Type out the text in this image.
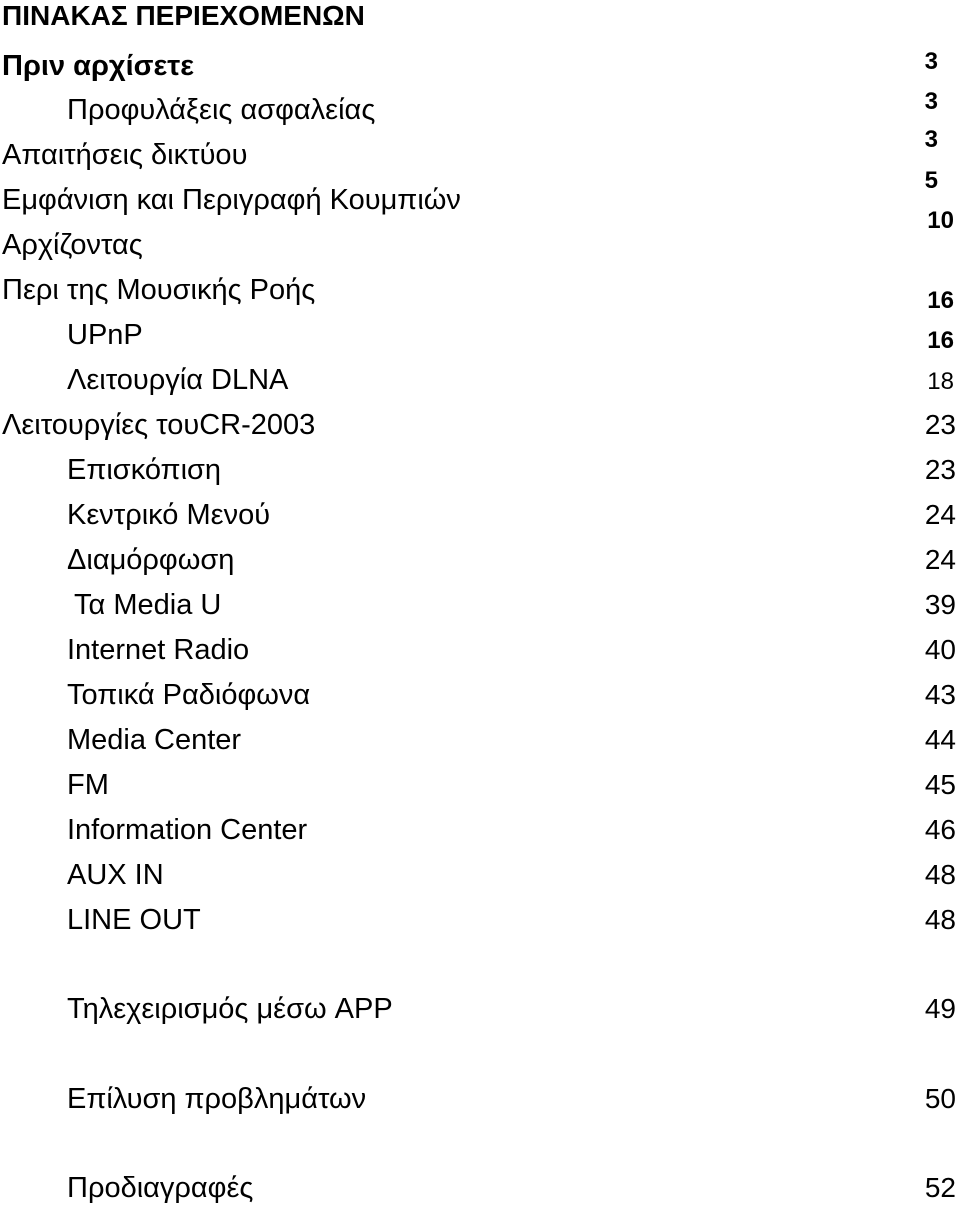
ΠΙΝΑΚΑΣ ΠΕΡΙΕΧΟΜΕΝΩΝ
Πριν αρχίσετε
Προφυλάξεις ασφαλείας
Απαιτήσεις δικτύου
Εμφάνιση και Περιγραφή Κουμπιών
Αρχίζοντας
Περι της Μουσικής Ροής
UPnP
Λειτουργία DLNA
Λειτουργίες τουCR-2003
Επισκόπιση
Κεντρικό Μενού
Διαμόρφωση
Τα Media U
Internet Radio
Τοπικά Ραδιόφωνα
Media Center
FM
Information Center
AUX IN
LINE OUT
Τηλεχειρισμός μέσω APP
Επίλυση προβλημάτων
Προδιαγραφές
3
3
3
5
10
16
16
18
23
23
24
24
39
40
43
44
45
46
48
48
49
50
52
